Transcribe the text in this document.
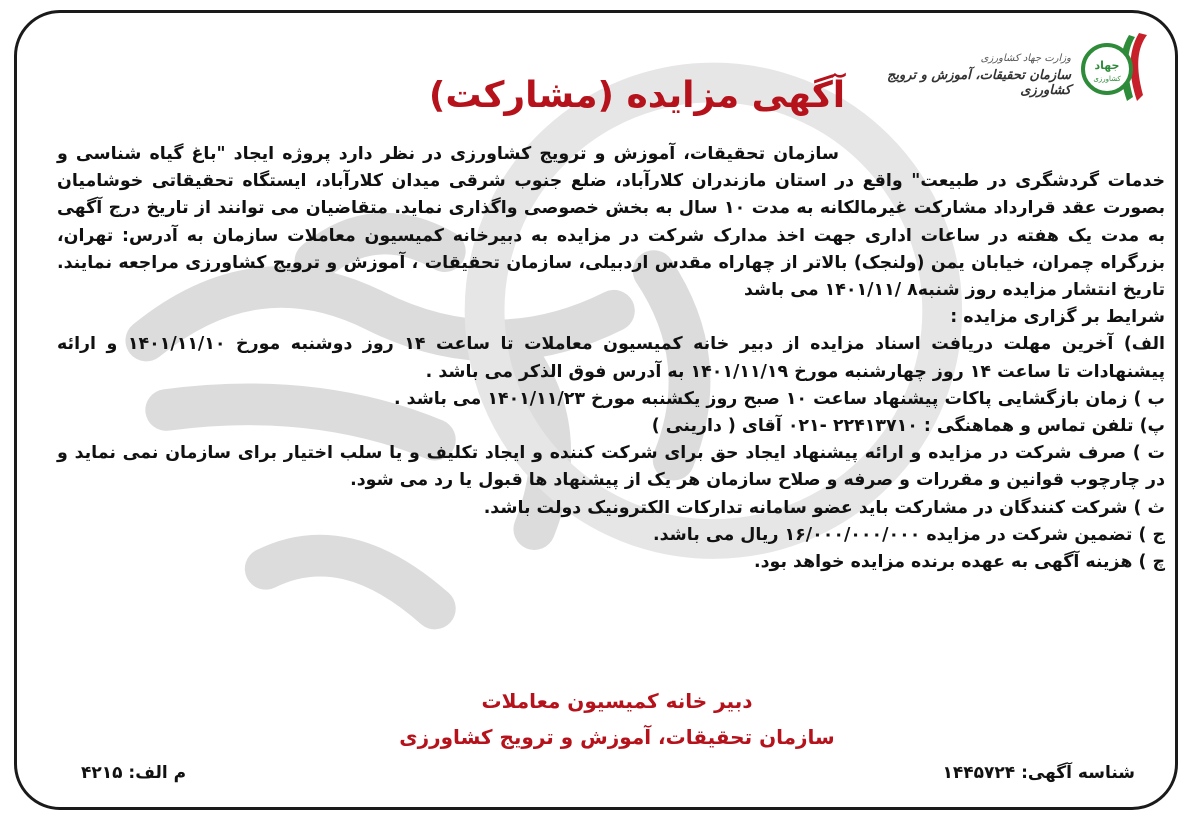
جهاد
کشاورزی
وزارت جهاد کشاورزی
سازمان تحقیقات، آموزش و ترویج کشاورزی
آگهی مزایده (مشارکت)

سازمان تحقیقات، آموزش و ترویج کشاورزی در نظر دارد پروژه ایجاد "باغ گیاه شناسی و خدمات گردشگری در طبیعت" واقع در استان مازندران کلارآباد، ضلع جنوب شرقی میدان کلارآباد، ایستگاه تحقیقاتی خوشامیان بصورت عقد قرارداد مشارکت غیرمالکانه به مدت ۱۰ سال به بخش خصوصی واگذاری نماید. متقاضیان می توانند از تاریخ درج آگهی به مدت یک هفته در ساعات اداری جهت اخذ مدارک شرکت در مزایده به دبیرخانه کمیسیون معاملات سازمان به آدرس: تهران، بزرگراه چمران، خیابان یمن (ولنجک) بالاتر از چهاراه مقدس اردبیلی، سازمان تحقیقات ، آموزش و ترویج کشاورزی مراجعه نمایند. تاریخ انتشار مزایده روز شنبه۸ /۱۴۰۱/۱۱ می باشد

شرایط بر گزاری مزایده :

الف) آخرین مهلت دریافت اسناد مزایده از دبیر خانه کمیسیون معاملات تا ساعت ۱۴ روز دوشنبه مورخ ۱۴۰۱/۱۱/۱۰ و ارائه پیشنهادات تا ساعت ۱۴ روز چهارشنبه مورخ ۱۴۰۱/۱۱/۱۹ به آدرس فوق الذکر می باشد .

ب ) زمان بازگشایی پاکات پیشنهاد ساعت ۱۰ صبح روز یکشنبه مورخ ۱۴۰۱/۱۱/۲۳ می باشد .

پ) تلفن تماس و هماهنگی : ۲۲۴۱۳۷۱۰ -۰۲۱ آقای ( دارینی )

ت ) صرف شرکت در مزایده و ارائه پیشنهاد ایجاد حق برای شرکت کننده و ایجاد تکلیف و یا سلب اختیار برای سازمان نمی نماید و در چارچوب قوانین و مقررات و صرفه و صلاح سازمان هر یک از پیشنهاد ها قبول یا رد می شود.

ث ) شرکت کنندگان در مشارکت باید عضو سامانه تدارکات الکترونیک دولت باشد.

ج ) تضمین شرکت در مزایده ۱۶/۰۰۰/۰۰۰/۰۰۰ ریال می باشد.

چ ) هزینه آگهی به عهده برنده مزایده خواهد بود.

دبیر خانه کمیسیون معاملات
سازمان تحقیقات، آموزش و ترویج کشاورزی
شناسه آگهی: ۱۴۴۵۷۲۴
م الف: ۴۲۱۵
